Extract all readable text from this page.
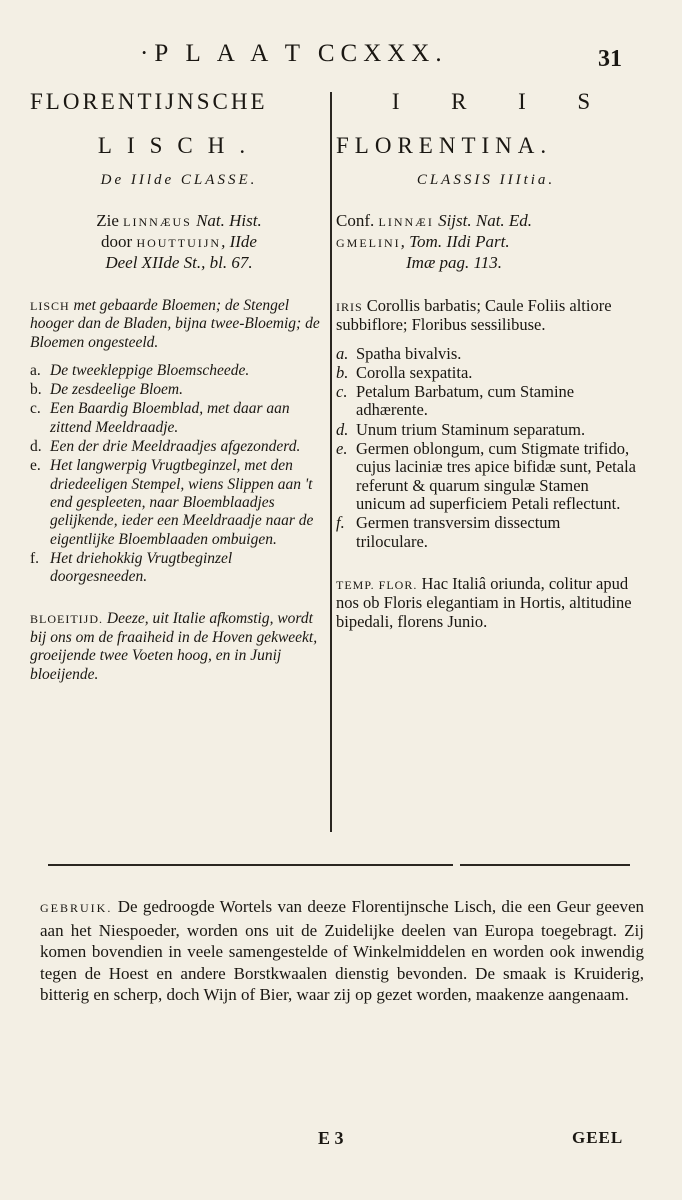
·P L A A T CCXXX.	31
FLORENTIJNSCHE
LISCH.
De IIlde CLASSE.
Zie LINNÆUS Nat. Hist.
door HOUTTUIJN, IIde
Deel XIIde St., bl. 67.
LISCH met gebaarde Bloemen; de Stengel hooger dan de Bladen, bijna twee-Bloemig; de Bloemen ongesteeld.
a. De tweekleppige Bloemscheede.
b. De zesdeelige Bloem.
c. Een Baardig Bloemblad, met daar aan zittend Meeldraadje.
d. Een der drie Meeldraadjes afgezonderd.
e. Het langwerpig Vrugtbeginzel, met den driedeeligen Stempel, wiens Slippen aan 't end gespleeten, naar Bloemblaadjes gelijkende, ieder een Meeldraadje naar de eigentlijke Bloemblaaden ombuigen.
f. Het driehokkig Vrugtbeginzel doorgesneeden.
BLOEITIJD. Deeze, uit Italie afkomstig, wordt bij ons om de fraaiheid in de Hoven gekweekt, groeijende twee Voeten hoog, en in Junij bloeijende.
I R I S
FLORENTINA.
CLASSIS IIItia.
Conf. LINNÆI Sijst. Nat. Ed.
GMELINI, Tom. IIdi Part.
Imæ pag. 113.
IRIS Corollis barbatis; Caule Foliis altiore subbiflore; Floribus sessilibuse.
a. Spatha bivalvis.
b. Corolla sexpatita.
c. Petalum Barbatum, cum Stamine adhærente.
d. Unum trium Staminum separatum.
e. Germen oblongum, cum Stigmate trifido, cujus laciniæ tres apice bifidæ sunt, Petala referunt & quarum singulæ Stamen unicum ad superficiem Petali reflectunt.
f. Germen transversim dissectum triloculare.
TEMP. FLOR. Hac Italiâ oriunda, colitur apud nos ob Floris elegantiam in Hortis, altitudine bipedali, florens Junio.
GEBRUIK. De gedroogde Wortels van deeze Florentijnsche Lisch, die een Geur geeven aan het Niespoeder, worden ons uit de Zuidelijke deelen van Europa toegebragt. Zij komen bovendien in veele samengestelde of Winkelmiddelen en worden ook inwendig tegen de Hoest en andere Borstkwaalen dienstig bevonden. De smaak is Kruiderig, bitterig en scherp, doch Wijn of Bier, waar zij op gezet worden, maakenze aangenaam.
E 3	GEEL
